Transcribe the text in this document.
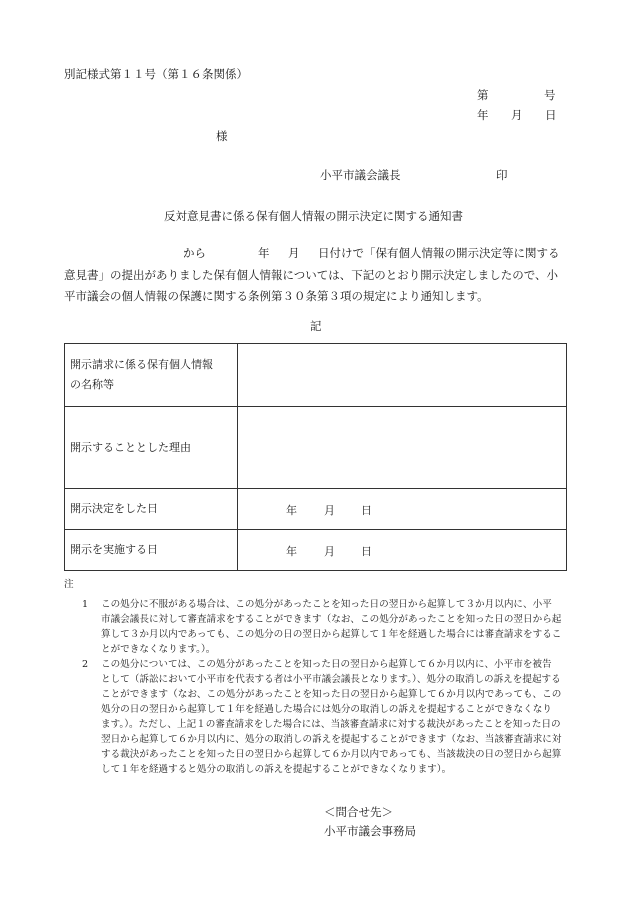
別記様式第１１号（第１６条関係）
第	号
年 月 日
様
小平市議会議長	印
反対意見書に係る保有個人情報の開示決定に関する通知書
から	年 月 日付けで「保有個人情報の開示決定等に関する
意見書」の提出がありました保有個人情報については、下記のとおり開示決定しましたので、小
平市議会の個人情報の保護に関する条例第３０条第３項の規定により通知します。
記
開示請求に係る保有個人情報
の名称等	

開示することとした理由	
開示決定をした日	年 月 日

開示を実施する日	年 月 日
注
1 この処分に不服がある場合は、この処分があったことを知った日の翌日から起算して３か月以内に、小平
市議会議長に対して審査請求をすることができます（なお、この処分があったことを知った日の翌日から起
算して３か月以内であっても、この処分の日の翌日から起算して１年を経過した場合には審査請求をするこ
とができなくなります。）。
2 この処分については、この処分があったことを知った日の翌日から起算して６か月以内に、小平市を被告
として（訴訟において小平市を代表する者は小平市議会議長となります。）、処分の取消しの訴えを提起する
ことができます（なお、この処分があったことを知った日の翌日から起算して６か月以内であっても、この
処分の日の翌日から起算して１年を経過した場合には処分の取消しの訴えを提起することができなくなり
ます。）。ただし、上記１の審査請求をした場合には、当該審査請求に対する裁決があったことを知った日の
翌日から起算して６か月以内に、処分の取消しの訴えを提起することができます（なお、当該審査請求に対
する裁決があったことを知った日の翌日から起算して６か月以内であっても、当該裁決の日の翌日から起算
して１年を経過すると処分の取消しの訴えを提起することができなくなります）。
＜問合せ先＞
小平市議会事務局
